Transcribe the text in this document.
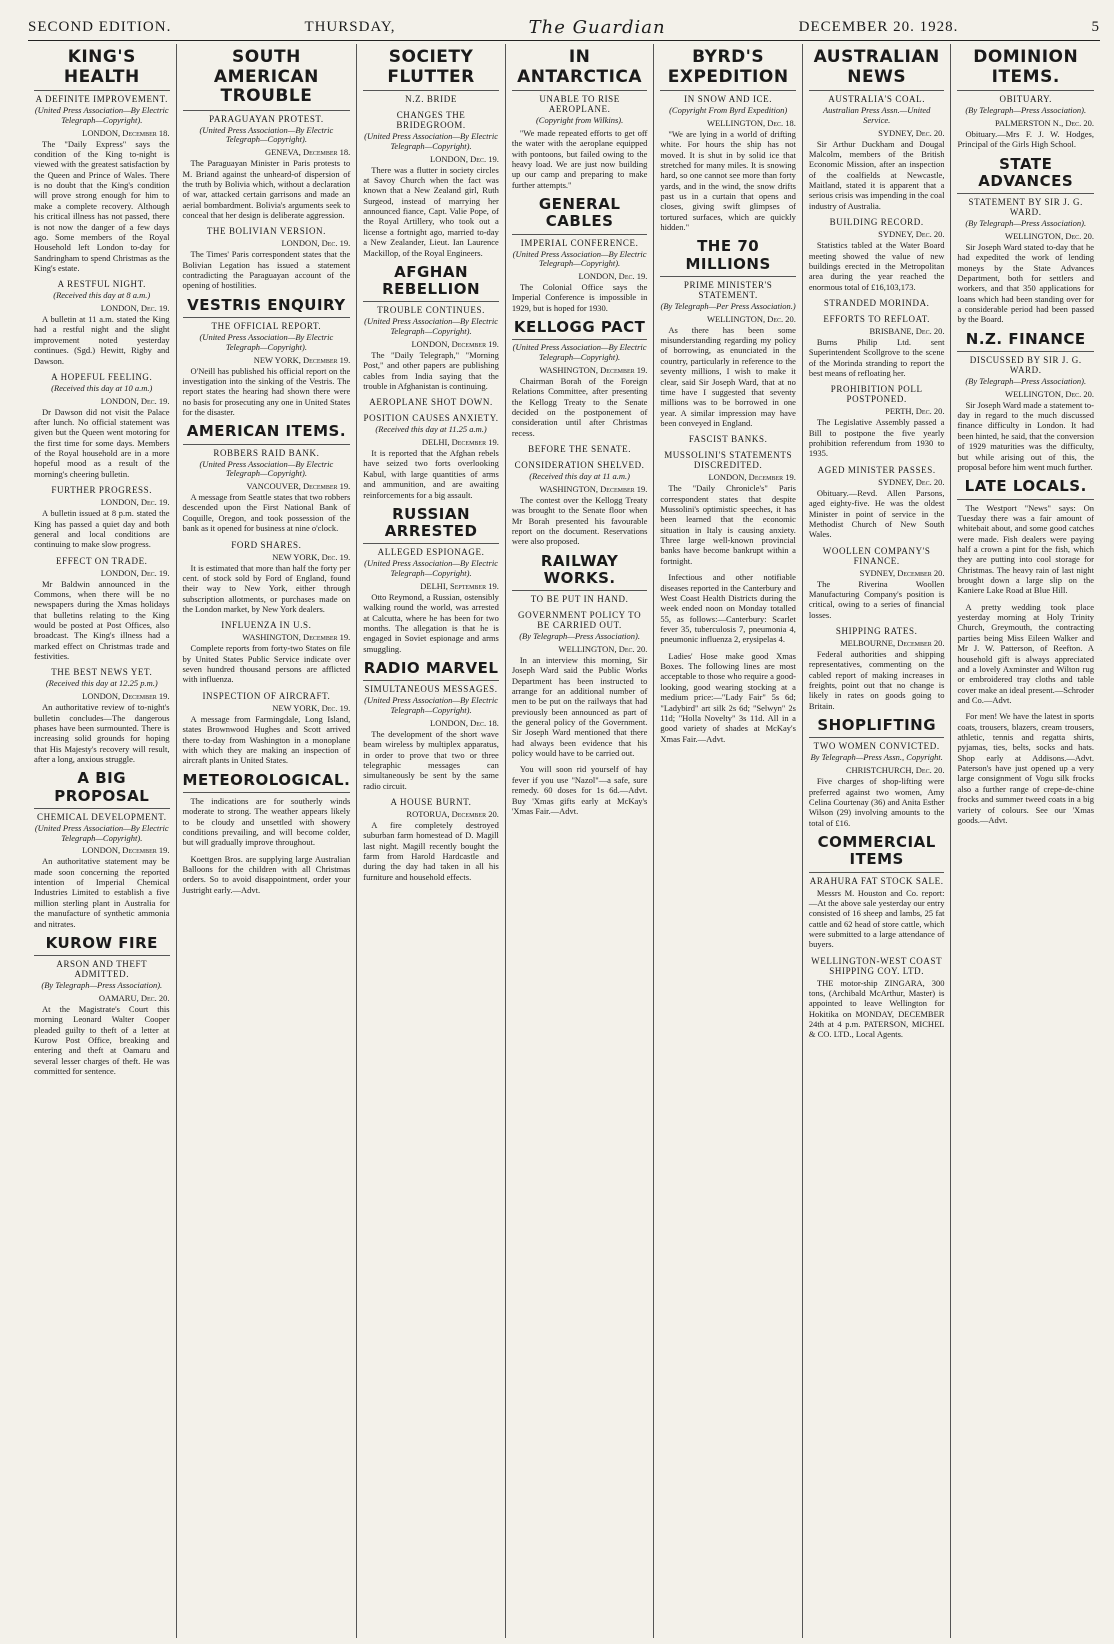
SECOND EDITION.	THURSDAY,	The Guardian	DECEMBER 20. 1928.	5
KING'S HEALTH
A DEFINITE IMPROVEMENT.
(United Press Association—By Electric Telegraph—Copyright).
LONDON, December 18.
The "Daily Express" says the condition of the King to-night is viewed with the greatest satisfaction by the Queen and Prince of Wales. There is no doubt that the King's condition will prove strong enough for him to make a complete recovery. Although his critical illness has not passed, there is not now the danger of a few days ago. Some members of the Royal Household left London to-day for Sandringham to spend Christmas as the King's estate.
A RESTFUL NIGHT.
(Received this day at 8 a.m.)
LONDON, Dec. 19.
A bulletin at 11 a.m. stated the King had a restful night and the slight improvement noted yesterday continues. (Sgd.) Hewitt, Rigby and Dawson.
A HOPEFUL FEELING.
(Received this day at 10 a.m.)
LONDON, Dec. 19.
Dr Dawson did not visit the Palace after lunch. No official statement was given but the Queen went motoring for the first time for some days. Members of the Royal household are in a more hopeful mood as a result of the morning's cheering bulletin.
FURTHER PROGRESS.
LONDON, Dec. 19.
A bulletin issued at 8 p.m. stated the King has passed a quiet day and both general and local conditions are continuing to make slow progress.
EFFECT ON TRADE.
LONDON, Dec. 19.
Mr Baldwin announced in the Commons, when there will be no newspapers during the Xmas holidays that bulletins relating to the King would be posted at Post Offices, also broadcast. The King's illness had a marked effect on Christmas trade and festivities.
THE BEST NEWS YET.
(Received this day at 12.25 p.m.)
LONDON, December 19.
An authoritative review of to-night's bulletin concludes—The dangerous phases have been surmounted. There is increasing solid grounds for hoping that His Majesty's recovery will result, after a long, anxious struggle.
A BIG PROPOSAL
CHEMICAL DEVELOPMENT.
(United Press Association—By Electric Telegraph—Copyright).
LONDON, December 19.
An authoritative statement may be made soon concerning the reported intention of Imperial Chemical Industries Limited to establish a five million sterling plant in Australia for the manufacture of synthetic ammonia and nitrates.
KUROW FIRE
ARSON AND THEFT ADMITTED.
(By Telegraph—Press Association).
OAMARU, Dec. 20.
At the Magistrate's Court this morning Leonard Walter Cooper pleaded guilty to theft of a letter at Kurow Post Office, breaking and entering and theft at Oamaru and several lesser charges of theft. He was committed for sentence.
SOUTH AMERICAN TROUBLE
PARAGUAYAN PROTEST.
(United Press Association—By Electric Telegraph—Copyright).
GENEVA, December 18.
The Paraguayan Minister in Paris protests to M. Briand against the unheard-of dispersion of the truth by Bolivia which, without a declaration of war, attacked certain garrisons and made an aerial bombardment. Bolivia's arguments seek to conceal that her design is deliberate aggression.
THE BOLIVIAN VERSION.
LONDON, Dec. 19.
The Times' Paris correspondent states that the Bolivian Legation has issued a statement contradicting the Paraguayan account of the opening of hostilities.
VESTRIS ENQUIRY
THE OFFICIAL REPORT.
(United Press Association—By Electric Telegraph—Copyright).
NEW YORK, December 19.
O'Neill has published his official report on the investigation into the sinking of the Vestris. The report states the hearing had shown there were no basis for prosecuting any one in United States for the disaster.
AMERICAN ITEMS.
ROBBERS RAID BANK.
(United Press Association—By Electric Telegraph—Copyright).
VANCOUVER, December 19.
A message from Seattle states that two robbers descended upon the First National Bank of Coquille, Oregon, and took possession of the bank as it opened for business at nine o'clock.
FORD SHARES.
NEW YORK, Dec. 19.
It is estimated that more than half the forty per cent. of stock sold by Ford of England, found their way to New York, either through subscription allotments, or purchases made on the London market, by New York dealers.
INFLUENZA IN U.S.
WASHINGTON, December 19.
Complete reports from forty-two States on file by United States Public Service indicate over seven hundred thousand persons are afflicted with influenza.
INSPECTION OF AIRCRAFT.
NEW YORK, Dec. 19.
A message from Farmingdale, Long Island, states Brownwood Hughes and Scott arrived there to-day from Washington in a monoplane with which they are making an inspection of aircraft plants in United States.
METEOROLOGICAL.
The indications are for southerly winds moderate to strong. The weather appears likely to be cloudy and unsettled with showery conditions prevailing, and will become colder, but will gradually improve throughout.
Koettgen Bros. are supplying large Australian Balloons for the children with all Christmas orders. So to avoid disappointment, order your Justright early.—Advt.
SOCIETY FLUTTER
N.Z. BRIDE
CHANGES THE BRIDEGROOM.
(United Press Association—By Electric Telegraph—Copyright).
LONDON, Dec. 19.
There was a flutter in society circles at Savoy Church when the fact was known that a New Zealand girl, Ruth Surgeod, instead of marrying her announced fiance, Capt. Valie Pope, of the Royal Artillery, who took out a license a fortnight ago, married to-day a New Zealander, Lieut. Ian Laurence Mackillop, of the Royal Engineers.
AFGHAN REBELLION
TROUBLE CONTINUES.
(United Press Association—By Electric Telegraph—Copyright).
LONDON, December 19.
The "Daily Telegraph," "Morning Post," and other papers are publishing cables from India saying that the trouble in Afghanistan is continuing.
AEROPLANE SHOT DOWN.
POSITION CAUSES ANXIETY.
(Received this day at 11.25 a.m.)
DELHI, December 19.
It is reported that the Afghan rebels have seized two forts overlooking Kabul, with large quantities of arms and ammunition, and are awaiting reinforcements for a big assault.
RUSSIAN ARRESTED
ALLEGED ESPIONAGE.
(United Press Association—By Electric Telegraph—Copyright).
DELHI, September 19.
Otto Reymond, a Russian, ostensibly walking round the world, was arrested at Calcutta, where he has been for two months. The allegation is that he is engaged in Soviet espionage and arms smuggling.
RADIO MARVEL
SIMULTANEOUS MESSAGES.
(United Press Association—By Electric Telegraph—Copyright).
LONDON, Dec. 18.
The development of the short wave beam wireless by multiplex apparatus, in order to prove that two or three telegraphic messages can simultaneously be sent by the same radio circuit.
A HOUSE BURNT.
ROTORUA, December 20.
A fire completely destroyed suburban farm homestead of D. Magill last night. Magill recently bought the farm from Harold Hardcastle and during the day had taken in all his furniture and household effects.
IN ANTARCTICA
UNABLE TO RISE AEROPLANE.
(Copyright from Wilkins).
"We made repeated efforts to get off the water with the aeroplane equipped with pontoons, but failed owing to the heavy load. We are just now building up our camp and preparing to make further attempts."
GENERAL CABLES
IMPERIAL CONFERENCE.
(United Press Association—By Electric Telegraph—Copyright).
LONDON, Dec. 19.
The Colonial Office says the Imperial Conference is impossible in 1929, but is hoped for 1930.
KELLOGG PACT
(United Press Association—By Electric Telegraph—Copyright).
WASHINGTON, December 19.
Chairman Borah of the Foreign Relations Committee, after presenting the Kellogg Treaty to the Senate decided on the postponement of consideration until after Christmas recess.
BEFORE THE SENATE.
CONSIDERATION SHELVED.
(Received this day at 11 a.m.)
WASHINGTON, December 19.
The contest over the Kellogg Treaty was brought to the Senate floor when Mr Borah presented his favourable report on the document. Reservations were also proposed.
RAILWAY WORKS.
TO BE PUT IN HAND.
GOVERNMENT POLICY TO BE CARRIED OUT.
(By Telegraph—Press Association).
WELLINGTON, Dec. 20.
In an interview this morning, Sir Joseph Ward said the Public Works Department has been instructed to arrange for an additional number of men to be put on the railways that had previously been announced as part of the general policy of the Government. Sir Joseph Ward mentioned that there had always been evidence that his policy would have to be carried out.
You will soon rid yourself of hay fever if you use "Nazol"—a safe, sure remedy. 60 doses for 1s 6d.—Advt. Buy 'Xmas gifts early at McKay's 'Xmas Fair.—Advt.
BYRD'S EXPEDITION
IN SNOW AND ICE.
(Copyright From Byrd Expedition)
WELLINGTON, Dec. 18.
"We are lying in a world of drifting white. For hours the ship has not moved. It is shut in by solid ice that stretched for many miles. It is snowing hard, so one cannot see more than forty yards, and in the wind, the snow drifts past us in a curtain that opens and closes, giving swift glimpses of tortured surfaces, which are quickly hidden."
THE 70 MILLIONS
PRIME MINISTER'S STATEMENT.
(By Telegraph—Per Press Association.)
WELLINGTON, Dec. 20.
As there has been some misunderstanding regarding my policy of borrowing, as enunciated in the country, particularly in reference to the seventy millions, I wish to make it clear, said Sir Joseph Ward, that at no time have I suggested that seventy millions was to be borrowed in one year. A similar impression may have been conveyed in England.
FASCIST BANKS.
MUSSOLINI'S STATEMENTS DISCREDITED.
LONDON, December 19.
The "Daily Chronicle's" Paris correspondent states that despite Mussolini's optimistic speeches, it has been learned that the economic situation in Italy is causing anxiety. Three large well-known provincial banks have become bankrupt within a fortnight.
Infectious and other notifiable diseases reported in the Canterbury and West Coast Health Districts during the week ended noon on Monday totalled 55, as follows:—Canterbury: Scarlet fever 35, tuberculosis 7, pneumonia 4, pneumonic influenza 2, erysipelas 4.
Ladies' Hose make good Xmas Boxes. The following lines are most acceptable to those who require a good-looking, good wearing stocking at a medium price:—"Lady Fair" 5s 6d; "Ladybird" art silk 2s 6d; "Selwyn" 2s 11d; "Holla Novelty" 3s 11d. All in a good variety of shades at McKay's Xmas Fair.—Advt.
AUSTRALIAN NEWS
AUSTRALIA'S COAL.
Australian Press Assn.—United Service.
SYDNEY, Dec. 20.
Sir Arthur Duckham and Dougal Malcolm, members of the British Economic Mission, after an inspection of the coalfields at Newcastle, Maitland, stated it is apparent that a serious crisis was impending in the coal industry of Australia.
BUILDING RECORD.
SYDNEY, Dec. 20.
Statistics tabled at the Water Board meeting showed the value of new buildings erected in the Metropolitan area during the year reached the enormous total of £16,103,173.
STRANDED MORINDA.
EFFORTS TO REFLOAT.
BRISBANE, Dec. 20.
Burns Philip Ltd. sent Superintendent Scollgrove to the scene of the Morinda stranding to report the best means of refloating her.
PROHIBITION POLL POSTPONED.
PERTH, Dec. 20.
The Legislative Assembly passed a Bill to postpone the five yearly prohibition referendum from 1930 to 1935.
AGED MINISTER PASSES.
SYDNEY, Dec. 20.
Obituary.—Revd. Allen Parsons, aged eighty-five. He was the oldest Minister in point of service in the Methodist Church of New South Wales.
WOOLLEN COMPANY'S FINANCE.
SYDNEY, December 20.
The Riverina Woollen Manufacturing Company's position is critical, owing to a series of financial losses.
SHIPPING RATES.
MELBOURNE, December 20.
Federal authorities and shipping representatives, commenting on the cabled report of making increases in freights, point out that no change is likely in rates on goods going to Britain.
SHOPLIFTING
TWO WOMEN CONVICTED.
By Telegraph—Press Assn., Copyright.
CHRISTCHURCH, Dec. 20.
Five charges of shop-lifting were preferred against two women, Amy Celina Courtenay (36) and Anita Esther Wilson (29) involving amounts to the total of £16.
COMMERCIAL ITEMS
ARAHURA FAT STOCK SALE.
Messrs M. Houston and Co. report:—At the above sale yesterday our entry consisted of 16 sheep and lambs, 25 fat cattle and 62 head of store cattle, which were submitted to a large attendance of buyers.
WELLINGTON-WEST COAST SHIPPING COY. LTD.
THE motor-ship ZINGARA, 300 tons, (Archibald McArthur, Master) is appointed to leave Wellington for Hokitika on MONDAY, DECEMBER 24th at 4 p.m. PATERSON, MICHEL & CO. LTD., Local Agents.
DOMINION ITEMS.
OBITUARY.
(By Telegraph—Press Association).
PALMERSTON N., Dec. 20.
Obituary.—Mrs F. J. W. Hodges, Principal of the Girls High School.
STATE ADVANCES
STATEMENT BY SIR J. G. WARD.
(By Telegraph—Press Association).
WELLINGTON, Dec. 20.
Sir Joseph Ward stated to-day that he had expedited the work of lending moneys by the State Advances Department, both for settlers and workers, and that 350 applications for loans which had been standing over for a considerable period had been passed by the Board.
N.Z. FINANCE
DISCUSSED BY SIR J. G. WARD.
(By Telegraph—Press Association).
WELLINGTON, Dec. 20.
Sir Joseph Ward made a statement to-day in regard to the much discussed finance difficulty in London. It had been hinted, he said, that the conversion of 1929 maturities was the difficulty, but while arising out of this, the proposal before him went much further.
LATE LOCALS.
The Westport "News" says: On Tuesday there was a fair amount of whitebait about, and some good catches were made. Fish dealers were paying half a crown a pint for the fish, which they are putting into cool storage for Christmas. The heavy rain of last night brought down a large slip on the Kaniere Lake Road at Blue Hill.
A pretty wedding took place yesterday morning at Holy Trinity Church, Greymouth, the contracting parties being Miss Eileen Walker and Mr J. W. Patterson, of Reefton. A household gift is always appreciated and a lovely Axminster and Wilton rug or embroidered tray cloths and table cover make an ideal present.—Schroder and Co.—Advt.
For men! We have the latest in sports coats, trousers, blazers, cream trousers, athletic, tennis and regatta shirts, pyjamas, ties, belts, socks and hats. Shop early at Addisons.—Advt. Paterson's have just opened up a very large consignment of Vogu silk frocks also a further range of crepe-de-chine frocks and summer tweed coats in a big variety of colours. See our 'Xmas goods.—Advt.
